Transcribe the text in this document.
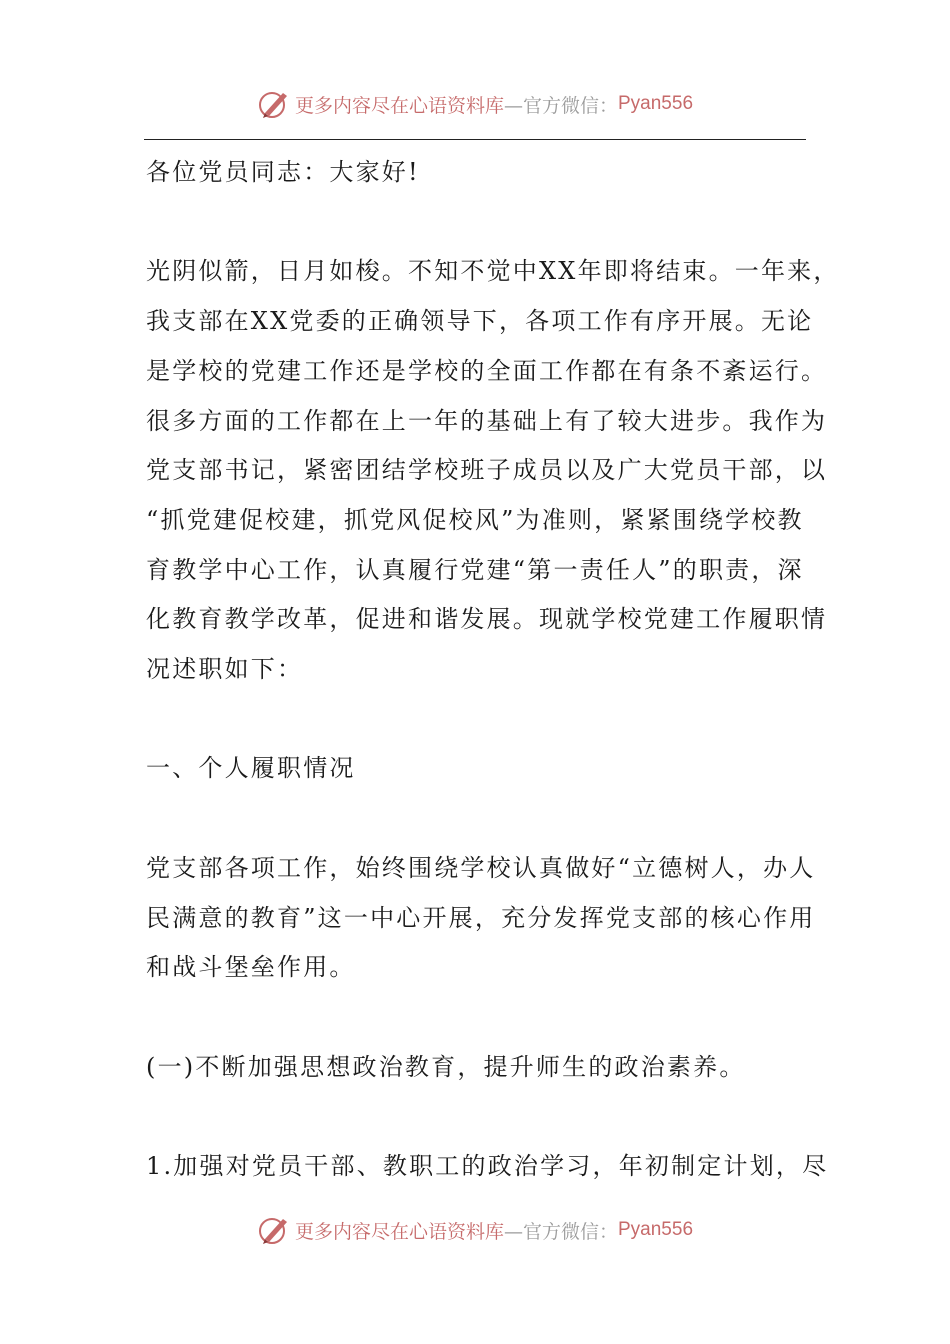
更多内容尽在心语资料库 —官方微信： Pyan556

各位党员同志：大家好!

光阴似箭，日月如梭。不知不觉中XX年即将结束。一年来，

我支部在XX党委的正确领导下，各项工作有序开展。无论

是学校的党建工作还是学校的全面工作都在有条不紊运行。

很多方面的工作都在上一年的基础上有了较大进步。我作为

党支部书记，紧密团结学校班子成员以及广大党员干部，以

“抓党建促校建，抓党风促校风”为准则，紧紧围绕学校教

育教学中心工作，认真履行党建“第一责任人”的职责，深

化教育教学改革，促进和谐发展。现就学校党建工作履职情

况述职如下：

一、个人履职情况

党支部各项工作，始终围绕学校认真做好“立德树人，办人

民满意的教育”这一中心开展，充分发挥党支部的核心作用

和战斗堡垒作用。

(一)不断加强思想政治教育，提升师生的政治素养。

1.加强对党员干部、教职工的政治学习，年初制定计划，尽

更多内容尽在心语资料库 —官方微信： Pyan556
